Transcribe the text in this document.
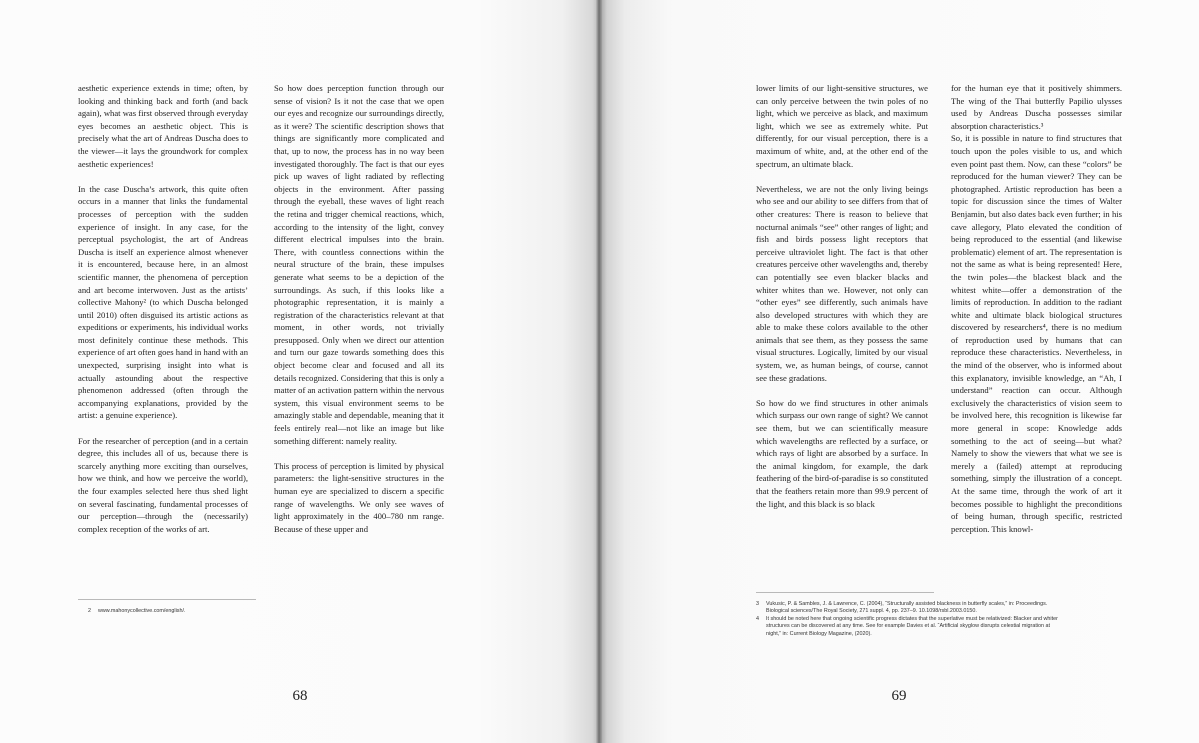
aesthetic experience extends in time; often, by looking and thinking back and forth (and back again), what was first observed through everyday eyes becomes an aesthetic object. This is precisely what the art of Andreas Duscha does to the viewer—it lays the groundwork for complex aesthetic experiences!

In the case Duscha’s artwork, this quite often occurs in a manner that links the fundamental processes of perception with the sudden experience of insight. In any case, for the perceptual psychologist, the art of Andreas Duscha is itself an experience almost whenever it is encountered, because here, in an almost scientific manner, the phenomena of perception and art become interwoven. Just as the artists’ collective Mahony² (to which Duscha belonged until 2010) often disguised its artistic actions as expeditions or experiments, his individual works most definitely continue these methods. This experience of art often goes hand in hand with an unexpected, surprising insight into what is actually astounding about the respective phenomenon addressed (often through the accompanying explanations, provided by the artist: a genuine experience).

For the researcher of perception (and in a certain degree, this includes all of us, because there is scarcely anything more exciting than ourselves, how we think, and how we perceive the world), the four examples selected here thus shed light on several fascinating, fundamental processes of our perception—through the (necessarily) complex reception of the works of art.

So how does perception function through our sense of vision? Is it not the case that we open our eyes and recognize our surroundings directly, as it were? The scientific description shows that things are significantly more complicated and that, up to now, the process has in no way been investigated thoroughly. The fact is that our eyes pick up waves of light radiated by reflecting objects in the environment. After passing through the eyeball, these waves of light reach the retina and trigger chemical reactions, which, according to the intensity of the light, convey different electrical impulses into the brain. There, with countless connections within the neural structure of the brain, these impulses generate what seems to be a depiction of the surroundings. As such, if this looks like a photographic representation, it is mainly a registration of the characteristics relevant at that moment, in other words, not trivially presupposed. Only when we direct our attention and turn our gaze towards something does this object become clear and focused and all its details recognized. Considering that this is only a matter of an activation pattern within the nervous system, this visual environment seems to be amazingly stable and dependable, meaning that it feels entirely real—not like an image but like something different: namely reality.

This process of perception is limited by physical parameters: the light-sensitive structures in the human eye are specialized to discern a specific range of wavelengths. We only see waves of light approximately in the 400–780 nm range. Because of these upper and

2	www.mahonycollective.com/english/.
68

lower limits of our light-sensitive structures, we can only perceive between the twin poles of no light, which we perceive as black, and maximum light, which we see as extremely white. Put differently, for our visual perception, there is a maximum of white, and, at the other end of the spectrum, an ultimate black.

Nevertheless, we are not the only living beings who see and our ability to see differs from that of other creatures: There is reason to believe that nocturnal animals “see” other ranges of light; and fish and birds possess light receptors that perceive ultraviolet light. The fact is that other creatures perceive other wavelengths and, thereby can potentially see even blacker blacks and whiter whites than we. However, not only can “other eyes” see differently, such animals have also developed structures with which they are able to make these colors available to the other animals that see them, as they possess the same visual structures. Logically, limited by our visual system, we, as human beings, of course, cannot see these gradations.

So how do we find structures in other animals which surpass our own range of sight? We cannot see them, but we can scientifically measure which wavelengths are reflected by a surface, or which rays of light are absorbed by a surface. In the animal kingdom, for example, the dark feathering of the bird-of-paradise is so constituted that the feathers retain more than 99.9 percent of the light, and this black is so black

for the human eye that it positively shimmers. The wing of the Thai butterfly Papilio ulysses used by Andreas Duscha possesses similar absorption characteristics.³

So, it is possible in nature to find structures that touch upon the poles visible to us, and which even point past them. Now, can these “colors” be reproduced for the human viewer? They can be photographed. Artistic reproduction has been a topic for discussion since the times of Walter Benjamin, but also dates back even further; in his cave allegory, Plato elevated the condition of being reproduced to the essential (and likewise problematic) element of art. The representation is not the same as what is being represented! Here, the twin poles—the blackest black and the whitest white—offer a demonstration of the limits of reproduction. In addition to the radiant white and ultimate black biological structures discovered by researchers⁴, there is no medium of reproduction used by humans that can reproduce these characteristics. Nevertheless, in the mind of the observer, who is informed about this explanatory, invisible knowledge, an “Ah, I understand” reaction can occur. Although exclusively the characteristics of vision seem to be involved here, this recognition is likewise far more general in scope: Knowledge adds something to the act of seeing—but what? Namely to show the viewers that what we see is merely a (failed) attempt at reproducing something, simply the illustration of a concept. At the same time, through the work of art it becomes possible to highlight the preconditions of being human, through specific, restricted perception. This knowl-

3	Vukusic, P. & Sambles, J. & Lawrence, C. (2004), “Structurally assisted blackness in butterfly scales,” in: Proceedings. Biological sciences/The Royal Society, 271 suppl. 4, pp. 237–9. 10.1098/rsbl.2003.0150.
4	It should be noted here that ongoing scientific progress dictates that the superlative must be relativized: Blacker and whiter structures can be discovered at any time. See for example Davies et al. “Artificial skyglow disrupts celestial migration at night,” in: Current Biology Magazine, (2020).
69
